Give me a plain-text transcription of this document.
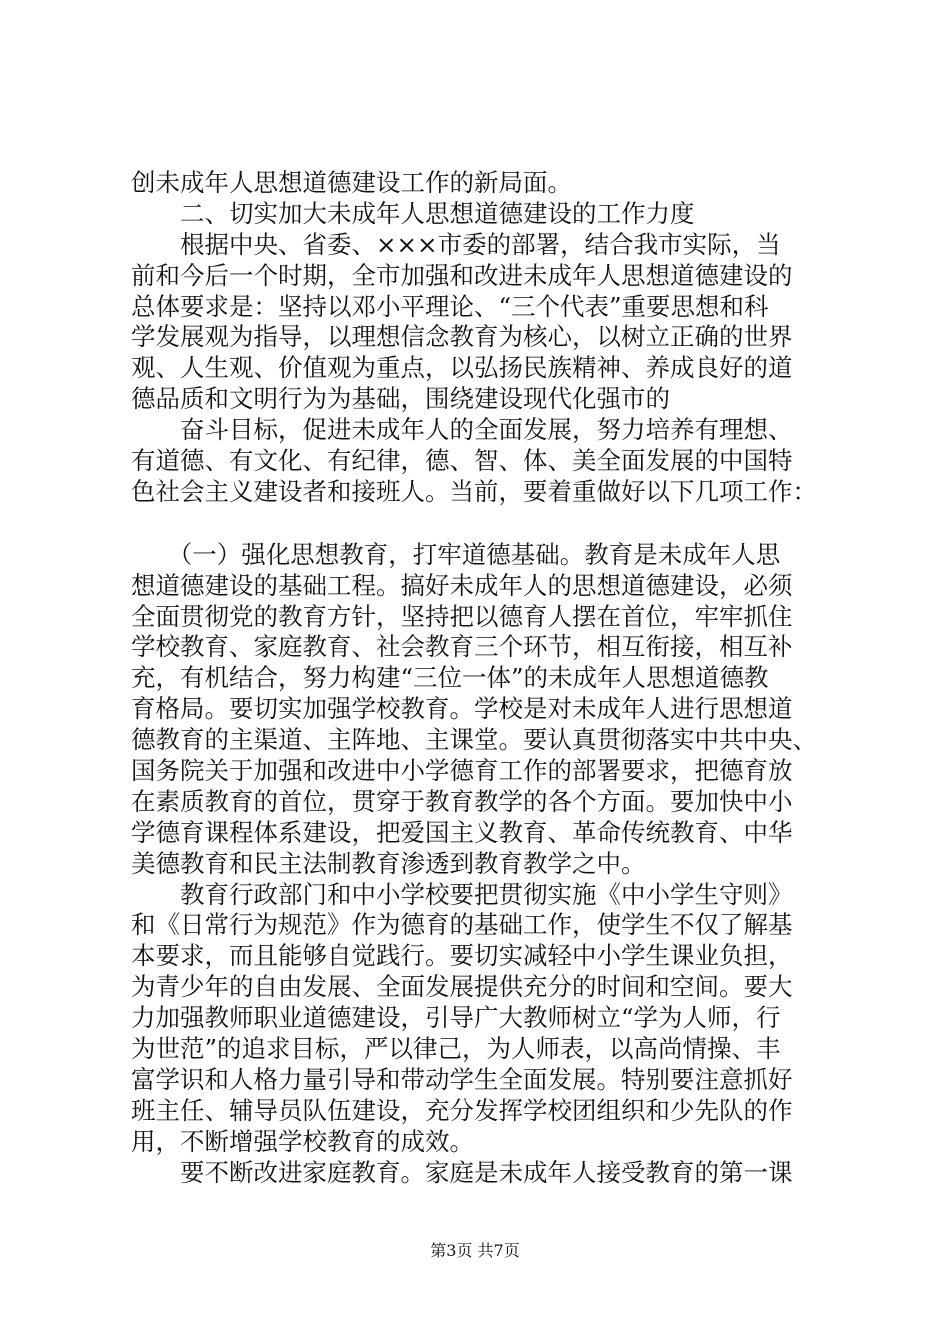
创未成年人思想道德建设工作的新局面。
　　二、切实加大未成年人思想道德建设的工作力度
　　根据中央、省委、×××市委的部署，结合我市实际，当
前和今后一个时期，全市加强和改进未成年人思想道德建设的
总体要求是：坚持以邓小平理论、“三个代表”重要思想和科
学发展观为指导，以理想信念教育为核心，以树立正确的世界
观、人生观、价值观为重点，以弘扬民族精神、养成良好的道
德品质和文明行为为基础，围绕建设现代化强市的
　　奋斗目标，促进未成年人的全面发展，努力培养有理想、
有道德、有文化、有纪律，德、智、体、美全面发展的中国特
色社会主义建设者和接班人。当前，要着重做好以下几项工作：
　　（一）强化思想教育，打牢道德基础。教育是未成年人思
想道德建设的基础工程。搞好未成年人的思想道德建设，必须
全面贯彻党的教育方针，坚持把以德育人摆在首位，牢牢抓住
学校教育、家庭教育、社会教育三个环节，相互衔接，相互补
充，有机结合，努力构建“三位一体”的未成年人思想道德教
育格局。要切实加强学校教育。学校是对未成年人进行思想道
德教育的主渠道、主阵地、主课堂。要认真贯彻落实中共中央、
国务院关于加强和改进中小学德育工作的部署要求，把德育放
在素质教育的首位，贯穿于教育教学的各个方面。要加快中小
学德育课程体系建设，把爱国主义教育、革命传统教育、中华
美德教育和民主法制教育渗透到教育教学之中。
　　教育行政部门和中小学校要把贯彻实施《中小学生守则》
和《日常行为规范》作为德育的基础工作，使学生不仅了解基
本要求，而且能够自觉践行。要切实减轻中小学生课业负担，
为青少年的自由发展、全面发展提供充分的时间和空间。要大
力加强教师职业道德建设，引导广大教师树立“学为人师，行
为世范”的追求目标，严以律己，为人师表，以高尚情操、丰
富学识和人格力量引导和带动学生全面发展。特别要注意抓好
班主任、辅导员队伍建设，充分发挥学校团组织和少先队的作
用，不断增强学校教育的成效。
　　要不断改进家庭教育。家庭是未成年人接受教育的第一课
第3页 共7页
